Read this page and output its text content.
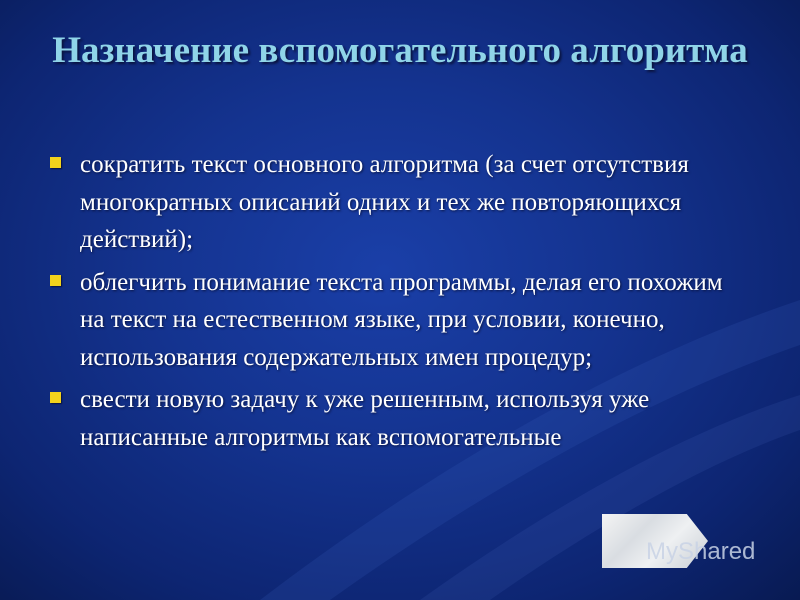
Назначение вспомогательного алгоритма
сократить текст основного алгоритма (за счет отсутствия многократных описаний одних и тех же повторяющихся действий);
облегчить понимание текста программы, делая его похожим на текст на естественном языке, при условии, конечно, использования содержательных имен процедур;
свести новую задачу к уже решенным, используя уже написанные алгоритмы как вспомогательные
MyShared
